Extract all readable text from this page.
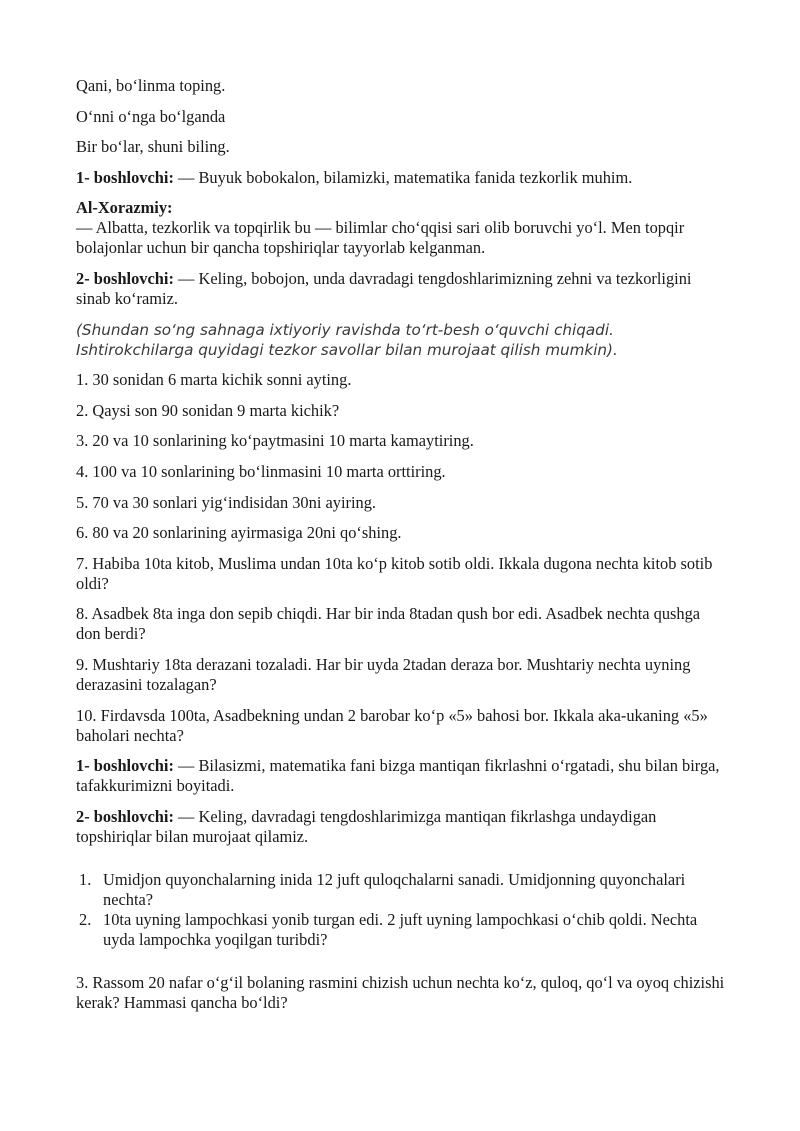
Qani, bo‘linma toping.

O‘nni o‘nga bo‘lganda

Bir bo‘lar, shuni biling.

1- boshlovchi: — Buyuk bobokalon, bilamizki, matematika fanida tezkorlik muhim.

Al-Xorazmiy:
— Albatta, tezkorlik va topqirlik bu — bilimlar cho‘qqisi sari olib boruvchi yo‘l. Men topqir bolajonlar uchun bir qancha topshiriqlar tayyorlab kelganman.

2- boshlovchi: — Keling, bobojon, unda davradagi tengdoshlarimizning zehni va tezkorligini sinab ko‘ramiz.

(Shundan so‘ng sahnaga ixtiyoriy ravishda to‘rt-besh o‘quvchi chiqadi. Ishtirokchilarga quyidagi tezkor savollar bilan murojaat qilish mumkin).

1. 30 sonidan 6 marta kichik sonni ayting.

2. Qaysi son 90 sonidan 9 marta kichik?

3. 20 va 10 sonlarining ko‘paytmasini 10 marta kamaytiring.

4. 100 va 10 sonlarining bo‘linmasini 10 marta orttiring.

5. 70 va 30 sonlari yig‘indisidan 30ni ayiring.

6. 80 va 20 sonlarining ayirmasiga 20ni qo‘shing.

7. Habiba 10ta kitob, Muslima undan 10ta ko‘p kitob sotib oldi. Ikkala dugona nechta kitob sotib oldi?

8. Asadbek 8ta inga don sepib chiqdi. Har bir inda 8tadan qush bor edi. Asadbek nechta qushga don berdi?

9. Mushtariy 18ta derazani tozaladi. Har bir uyda 2tadan deraza bor. Mushtariy nechta uyning derazasini tozalagan?

10. Firdavsda 100ta, Asadbekning undan 2 barobar ko‘p «5» bahosi bor. Ikkala aka-ukaning «5» baholari nechta?

1- boshlovchi: — Bilasizmi, matematika fani bizga mantiqan fikrlashni o‘rgatadi, shu bilan birga, tafakkurimizni boyitadi.

2- boshlovchi: — Keling, davradagi tengdoshlarimizga mantiqan fikrlashga undaydigan topshiriqlar bilan murojaat qilamiz.

1. Umidjon quyonchalarning inida 12 juft quloqchalarni sanadi. Umidjonning quyonchalari nechta?
2. 10ta uyning lampochkasi yonib turgan edi. 2 juft uyning lampochkasi o‘chib qoldi. Nechta uyda lampochka yoqilgan turibdi?

3. Rassom 20 nafar o‘g‘il bolaning rasmini chizish uchun nechta ko‘z, quloq, qo‘l va oyoq chizishi kerak? Hammasi qancha bo‘ldi?
